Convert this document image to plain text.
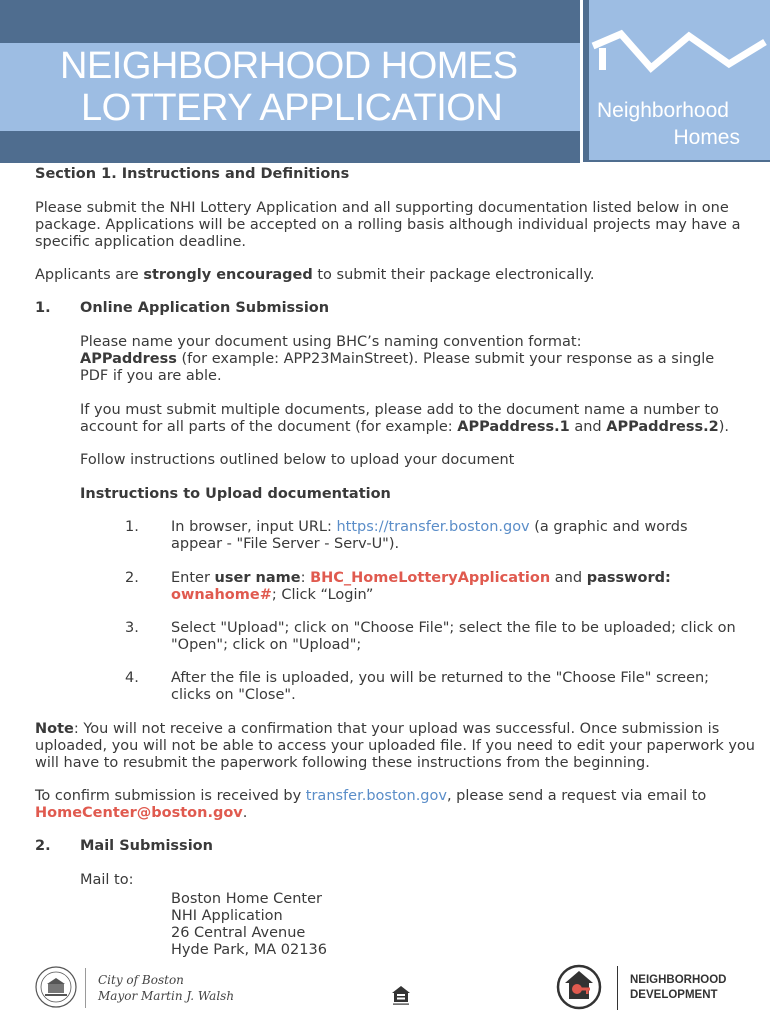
NEIGHBORHOOD HOMES
LOTTERY APPLICATION	Neighborhood
Homes
Section 1. Instructions and Definitions
Please submit the NHI Lottery Application and all supporting documentation listed below in one package. Applications will be accepted on a rolling basis although individual projects may have a specific application deadline.
Applicants are strongly encouraged to submit their package electronically.
1. Online Application Submission
Please name your document using BHC’s naming convention format:
APPaddress (for example: APP23MainStreet). Please submit your response as a single PDF if you are able.
If you must submit multiple documents, please add to the document name a number to account for all parts of the document (for example: APPaddress.1 and APPaddress.2).
Follow instructions outlined below to upload your document
Instructions to Upload documentation
1. In browser, input URL: https://transfer.boston.gov (a graphic and words appear - "File Server - Serv-U").
2. Enter user name: BHC_HomeLotteryApplication and password:
ownahome#; Click “Login”
3. Select "Upload"; click on "Choose File"; select the file to be uploaded; click on "Open"; click on "Upload";
4. After the file is uploaded, you will be returned to the "Choose File" screen; clicks on "Close".
Note: You will not receive a confirmation that your upload was successful. Once submission is uploaded, you will not be able to access your uploaded file. If you need to edit your paperwork you will have to resubmit the paperwork following these instructions from the beginning.
To confirm submission is received by transfer.boston.gov, please send a request via email to
HomeCenter@boston.gov.
2. Mail Submission
Mail to:
Boston Home Center
NHI Application
26 Central Avenue
Hyde Park, MA 02136
City of Boston
Mayor Martin J. Walsh
NEIGHBORHOOD
DEVELOPMENT
